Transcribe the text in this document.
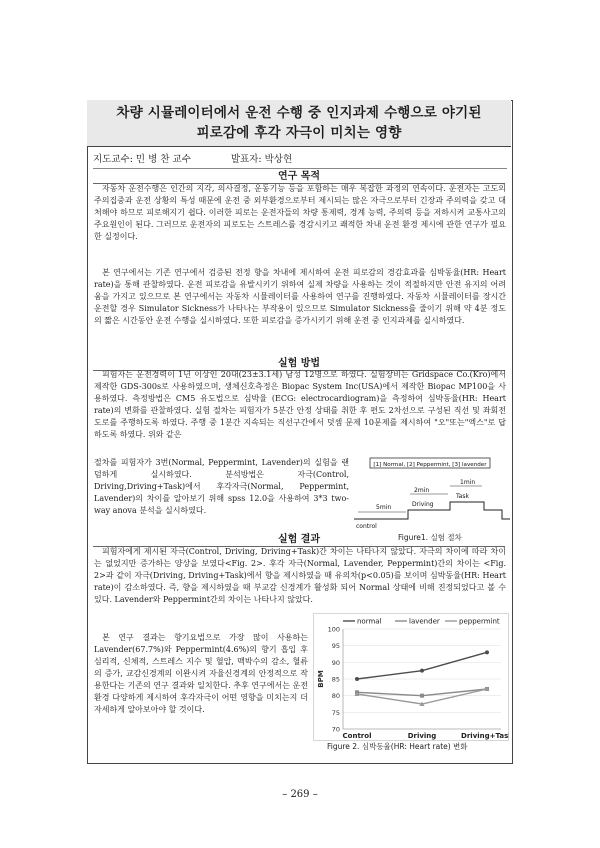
차량 시뮬레이터에서 운전 수행 중 인지과제 수행으로 야기된
피로감에 후각 자극이 미치는 영향
지도교수: 민 병 찬 교수	발표자: 박상현
연구 목적

자동차 운전수행은 인간의 지각, 의사결정, 운동기능 등을 포함하는 매우 복잡한 과정의 연속이다. 운전자는 고도의 주의집중과 운전 상황의 특성 때문에 운전 중 외부환경으로부터 제시되는 많은 자극으로부터 긴장과 주의력을 갖고 대처해야 하므로 피로해지기 쉽다. 이러한 피로는 운전자들의 차량 통제력, 경계 능력, 주의력 등을 저하시켜 교통사고의 주요원인이 된다. 그러므로 운전자의 피로도는 스트레스를 경감시키고 쾌적한 차내 운전 환경 제시에 관한 연구가 필요한 실정이다.

본 연구에서는 기존 연구에서 검증된 전정 향을 차내에 제시하여 운전 피로감의 경감효과를 심박동율(HR: Heart rate)을 통해 관찰하였다. 운전 피로감을 유발시키기 위하여 실제 차량을 사용하는 것이 적절하지만 안전 유지의 어려움을 가지고 있으므로 본 연구에서는 자동차 시뮬레이터를 사용하여 연구를 진행하였다. 자동차 시뮬레이터를 장시간 운전할 경우 Simulator Sickness가 나타나는 부작용이 있으므로 Simulator Sickness를 줄이기 위해 약 4분 정도의 짧은 시간동안 운전 수행을 실시하였다. 또한 피로감을 증가시키기 위해 운전 중 인지과제를 실시하였다.

실험 방법

피험자는 운전경력이 1년 이상인 20대(23±3.1세) 남성 12명으로 하였다. 실험장비는 Gridspace Co.(Kro)에서 제작한 GDS-300s로 사용하였으며, 생체신호측정은 Biopac System Inc(USA)에서 제작한 Biopac MP100을 사용하였다. 측정방법은 CM5 유도법으로 심박율 (ECG: electrocardiogram)을 측정하여 심박동율(HR: Heart rate)의 변화를 관찰하였다. 실험 절차는 피험자가 5분간 안정 상태를 취한 후 편도 2차선으로 구성된 직선 및 좌회전 도로를 주행하도록 하였다. 주행 중 1분간 지속되는 직선구간에서 덧셈 문제 10문제를 제시하여 "오"또는"엑스"로 답하도록 하였다. 위와 같은

절차를 피험자가 3번(Normal, Peppermint, Lavender)의 실험을 랜덤하게 실시하였다. 분석방법은 자극(Control, Driving,Driving+Task)에서 후각자극(Normal, Peppermint, Lavender)의 차이를 알아보기 위해 spss 12.0을 사용하여 3*3 two-way anova 분석을 실시하였다.

[1] Normal, [2] Peppermint, [3] lavender
5min
2min
1min
Driving
Task
control
Figure1. 실험 절차
실험 결과

피험자에게 제시된 자극(Control, Driving, Driving+Task)간 차이는 나타나지 않았다. 자극의 차이에 따라 차이는 없었지만 증가하는 양상을 보였다<Fig. 2>. 후각 자극(Normal, Lavender, Peppermint)간의 차이는 <Fig. 2>과 같이 자극(Driving, Driving+Task)에서 향을 제시하였을 때 유의차(p<0.05)를 보이며 심박동율(HR: Heart rate)이 감소하였다. 즉, 향을 제시하였을 때 부교감 신경계가 활성화 되어 Normal 상태에 비해 진정되었다고 볼 수 있다. Lavender와 Peppermint간의 차이는 나타나지 않았다.

본 연구 결과는 향기요법으로 가장 많이 사용하는 Lavender(67.7%)와 Peppermint(4.6%)의 향기 흡입 후 심리적, 신체적, 스트레스 지수 및 혈압, 맥박수의 감소, 혈류의 증가, 교감신경계의 이완시켜 자율신경계의 안정적으로 작용한다는 기존의 연구 결과와 일치한다. 추후 연구에서는 운전 환경 다양하게 제시하여 후각자극이 어떤 영향을 미치는지 더 자세하게 알아보아야 할 것이다.

70
75
80
85
90
95
100
BPM
Control	Driving	Driving+Task
normal	lavender	peppermint
Figure 2. 심박동율(HR: Heart rate) 변화
– 269 –
